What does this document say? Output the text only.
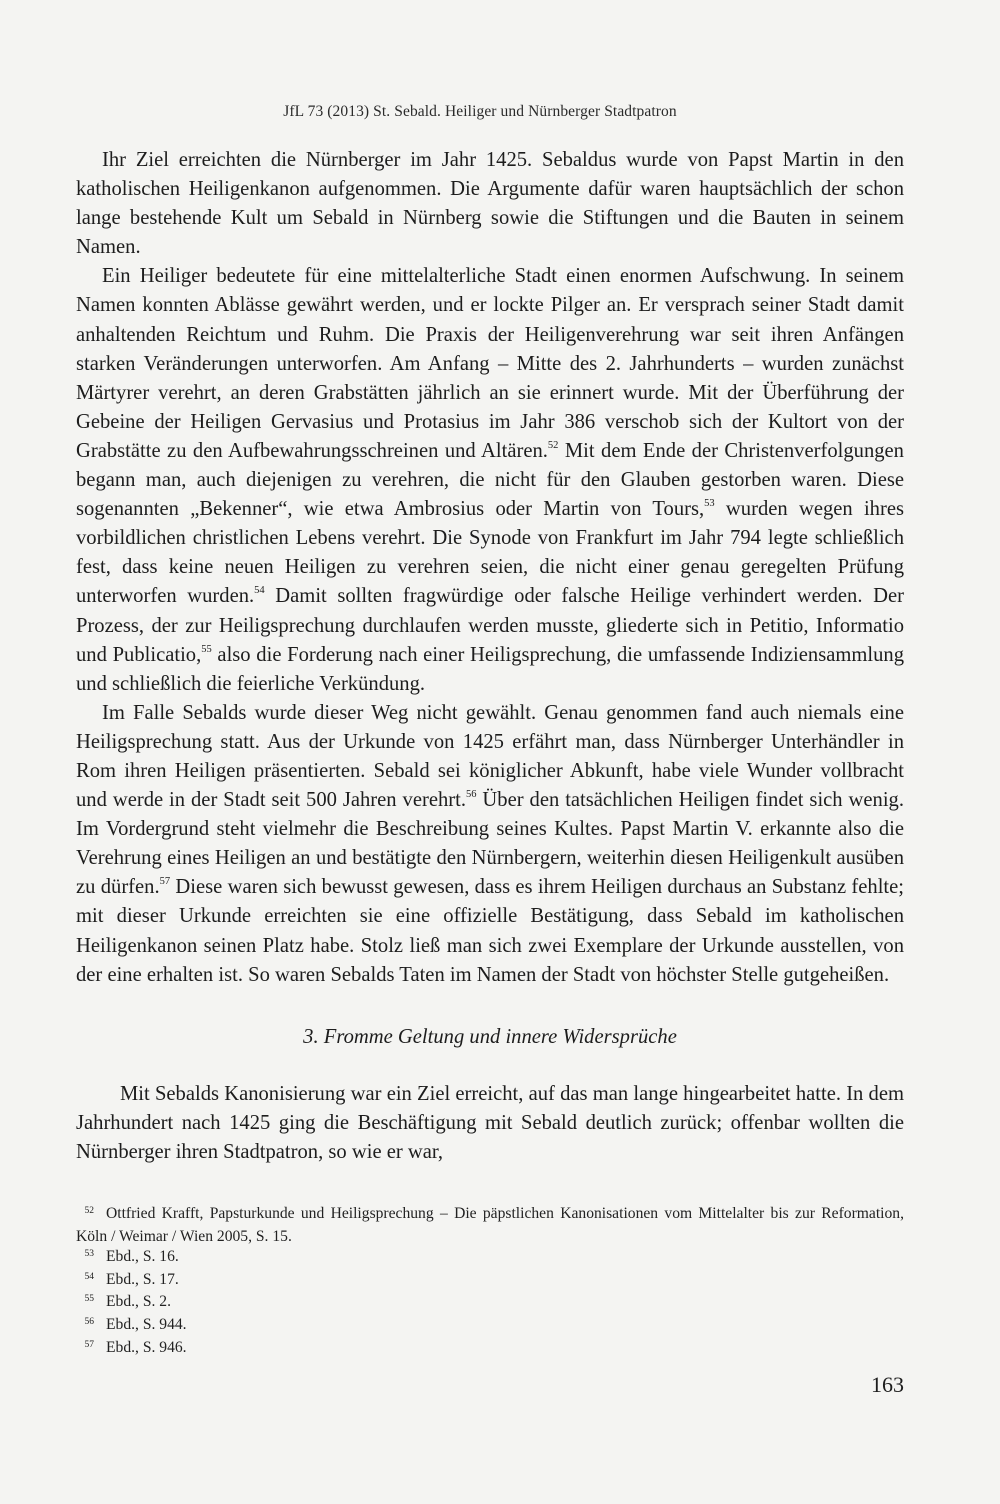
JfL 73 (2013) St. Sebald. Heiliger und Nürnberger Stadtpatron

Ihr Ziel erreichten die Nürnberger im Jahr 1425. Sebaldus wurde von Papst Martin in den katholischen Heiligenkanon aufgenommen. Die Argumente dafür waren hauptsächlich der schon lange bestehende Kult um Sebald in Nürnberg sowie die Stiftungen und die Bauten in seinem Namen.

Ein Heiliger bedeutete für eine mittelalterliche Stadt einen enormen Aufschwung. In seinem Namen konnten Ablässe gewährt werden, und er lockte Pilger an. Er versprach seiner Stadt damit anhaltenden Reichtum und Ruhm. Die Praxis der Heiligenverehrung war seit ihren Anfängen starken Veränderungen unterworfen. Am Anfang – Mitte des 2. Jahrhunderts – wurden zunächst Märtyrer verehrt, an deren Grabstätten jährlich an sie erinnert wurde. Mit der Überführung der Gebeine der Heiligen Gervasius und Protasius im Jahr 386 verschob sich der Kultort von der Grabstätte zu den Aufbewahrungsschreinen und Altären.$^{52}$ Mit dem Ende der Christenverfolgungen begann man, auch diejenigen zu verehren, die nicht für den Glauben gestorben waren. Diese sogenannten „Bekenner“, wie etwa Ambrosius oder Martin von Tours,$^{53}$ wurden wegen ihres vorbildlichen christlichen Lebens verehrt. Die Synode von Frankfurt im Jahr 794 legte schließlich fest, dass keine neuen Heiligen zu verehren seien, die nicht einer genau geregelten Prüfung unterworfen wurden.$^{54}$ Damit sollten fragwürdige oder falsche Heilige verhindert werden. Der Prozess, der zur Heiligsprechung durchlaufen werden musste, gliederte sich in Petitio, Informatio und Publicatio,$^{55}$ also die Forderung nach einer Heiligsprechung, die umfassende Indiziensammlung und schließlich die feierliche Verkündung.

Im Falle Sebalds wurde dieser Weg nicht gewählt. Genau genommen fand auch niemals eine Heiligsprechung statt. Aus der Urkunde von 1425 erfährt man, dass Nürnberger Unterhändler in Rom ihren Heiligen präsentierten. Sebald sei königlicher Abkunft, habe viele Wunder vollbracht und werde in der Stadt seit 500 Jahren verehrt.$^{56}$ Über den tatsächlichen Heiligen findet sich wenig. Im Vordergrund steht vielmehr die Beschreibung seines Kultes. Papst Martin V. erkannte also die Verehrung eines Heiligen an und bestätigte den Nürnbergern, weiterhin diesen Heiligenkult ausüben zu dürfen.$^{57}$ Diese waren sich bewusst gewesen, dass es ihrem Heiligen durchaus an Substanz fehlte; mit dieser Urkunde erreichten sie eine offizielle Bestätigung, dass Sebald im katholischen Heiligenkanon seinen Platz habe. Stolz ließ man sich zwei Exemplare der Urkunde ausstellen, von der eine erhalten ist. So waren Sebalds Taten im Namen der Stadt von höchster Stelle gutgeheißen.

3. Fromme Geltung und innere Widersprüche

Mit Sebalds Kanonisierung war ein Ziel erreicht, auf das man lange hingearbeitet hatte. In dem Jahrhundert nach 1425 ging die Beschäftigung mit Sebald deutlich zurück; offenbar wollten die Nürnberger ihren Stadtpatron, so wie er war,

52 Ottfried Krafft, Papsturkunde und Heiligsprechung – Die päpstlichen Kanonisationen vom Mittelalter bis zur Reformation, Köln / Weimar / Wien 2005, S. 15.

53 Ebd., S. 16.

54 Ebd., S. 17.

55 Ebd., S. 2.

56 Ebd., S. 944.

57 Ebd., S. 946.

163
